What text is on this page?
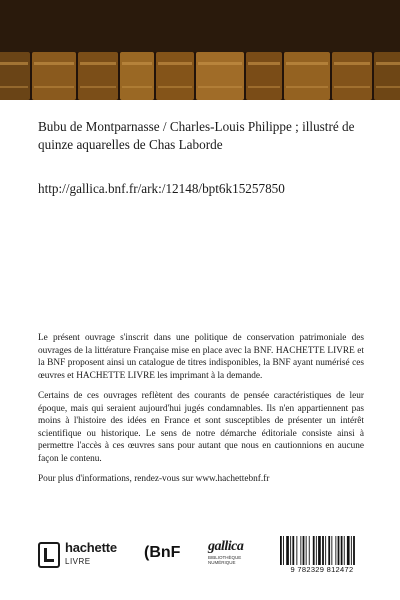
Bubu de Montparnasse / Charles-Louis Philippe ; illustré de quinze aquarelles de Chas Laborde

http://gallica.bnf.fr/ark:/12148/bpt6k15257850

Le présent ouvrage s'inscrit dans une politique de conservation patrimoniale des ouvrages de la littérature Française mise en place avec la BNF. HACHETTE LIVRE et la BNF proposent ainsi un catalogue de titres indisponibles, la BNF ayant numérisé ces œuvres et HACHETTE LIVRE les imprimant à la demande.

Certains de ces ouvrages reflètent des courants de pensée caractéristiques de leur époque, mais qui seraient aujourd'hui jugés condamnables. Ils n'en appartiennent pas moins à l'histoire des idées en France et sont susceptibles de présenter un intérêt scientifique ou historique. Le sens de notre démarche éditoriale consiste ainsi à permettre l'accès à ces œuvres sans pour autant que nous en cautionnions en aucune façon le contenu.

Pour plus d'informations, rendez-vous sur www.hachettebnf.fr

hachette
LIVRE
(BnF	gallica
BIBLIOTHÈQUE NUMÉRIQUE
9 782329 812472
